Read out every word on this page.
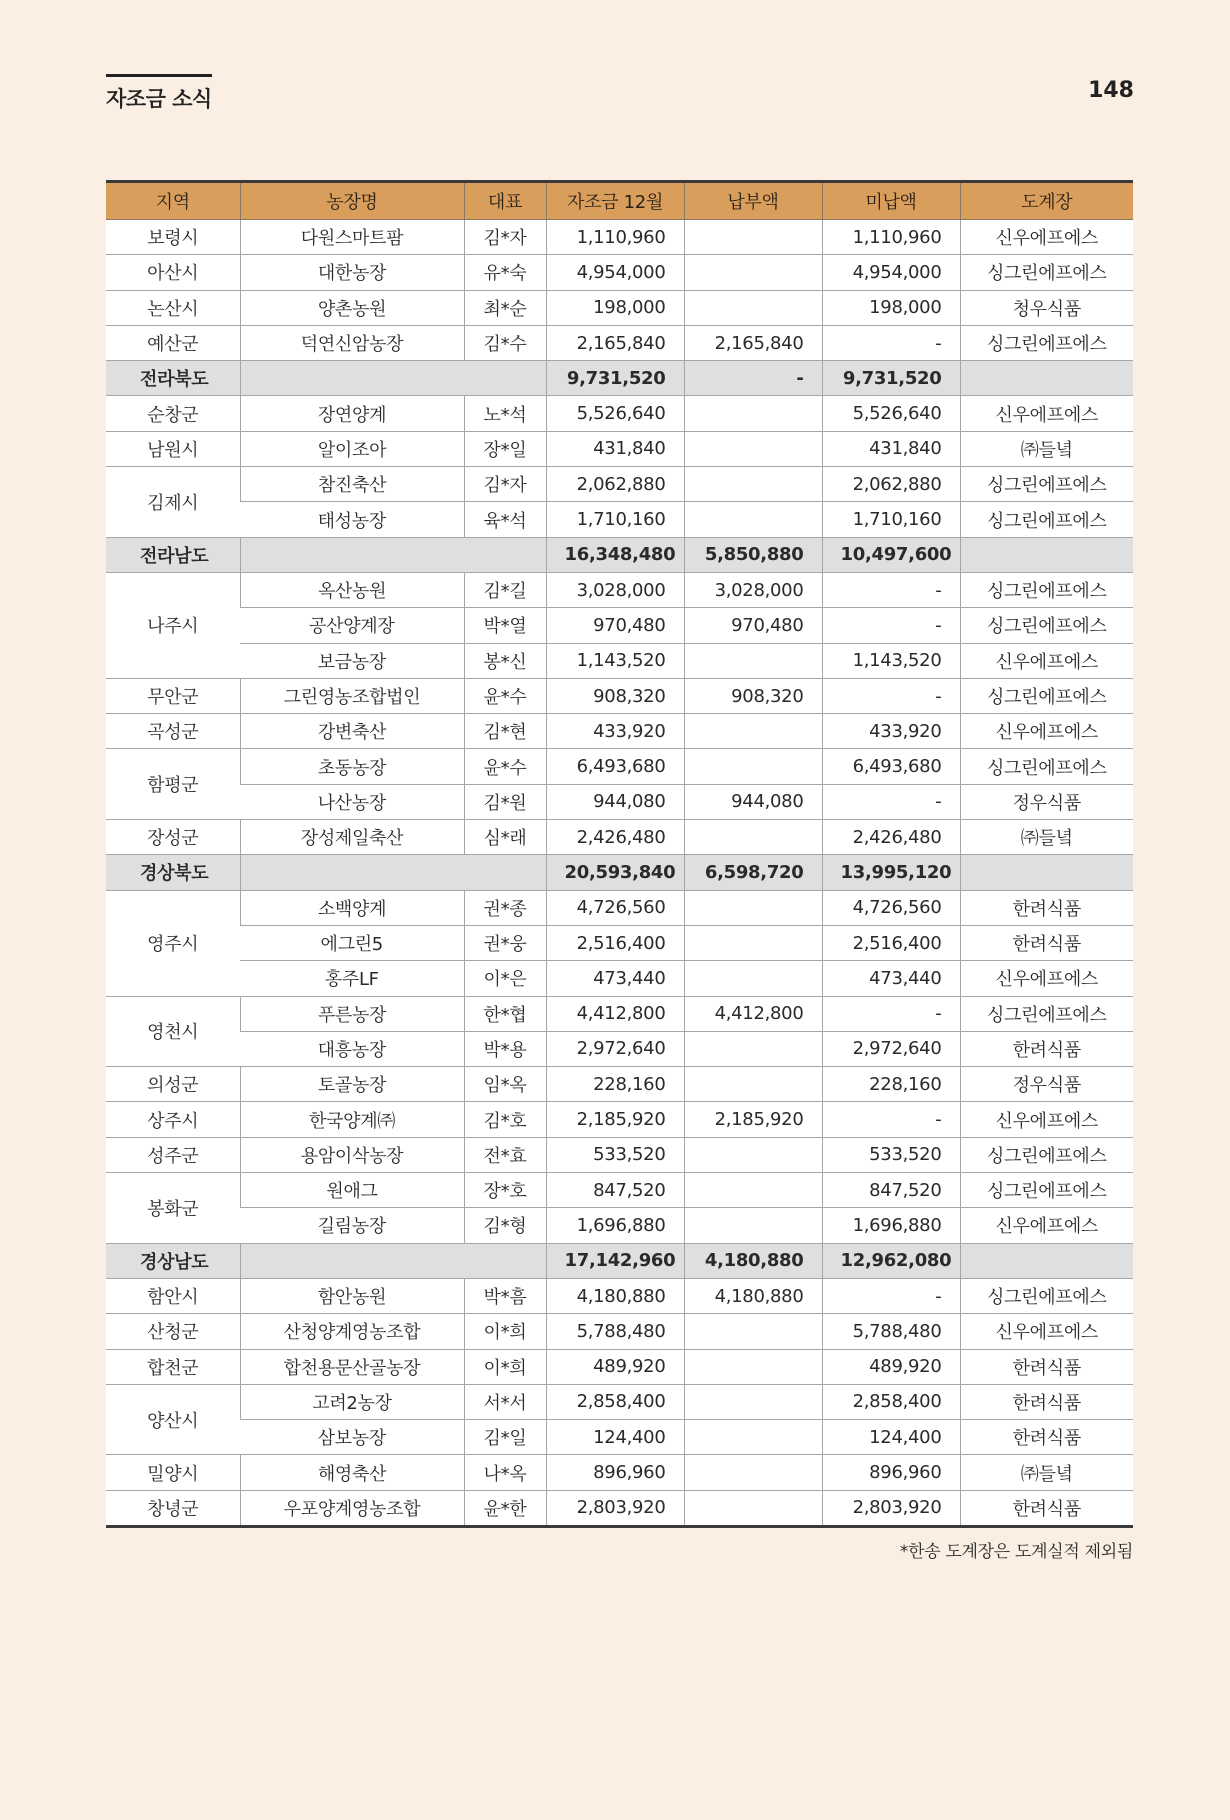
자조금 소식	148
지역	농장명	대표	자조금 12월	납부액	미납액	도계장
보령시	다원스마트팜	김*자	1,110,960		1,110,960	신우에프에스
아산시	대한농장	유*숙	4,954,000		4,954,000	싱그린에프에스
논산시	양촌농원	최*순	198,000		198,000	청우식품
예산군	덕연신암농장	김*수	2,165,840	2,165,840	-	싱그린에프에스
전라북도			9,731,520	-	9,731,520	
순창군	장연양계	노*석	5,526,640		5,526,640	신우에프에스
남원시	알이조아	장*일	431,840		431,840	㈜들녘
김제시	참진축산	김*자	2,062,880		2,062,880	싱그린에프에스
	태성농장	육*석	1,710,160		1,710,160	싱그린에프에스
전라남도			16,348,480	5,850,880	10,497,600	
나주시	옥산농원	김*길	3,028,000	3,028,000	-	싱그린에프에스
	공산양계장	박*열	970,480	970,480	-	싱그린에프에스
	보금농장	봉*신	1,143,520		1,143,520	신우에프에스
무안군	그린영농조합법인	윤*수	908,320	908,320	-	싱그린에프에스
곡성군	강변축산	김*현	433,920		433,920	신우에프에스
함평군	초동농장	윤*수	6,493,680		6,493,680	싱그린에프에스
	나산농장	김*원	944,080	944,080	-	정우식품
장성군	장성제일축산	심*래	2,426,480		2,426,480	㈜들녘
경상북도			20,593,840	6,598,720	13,995,120	
영주시	소백양계	권*종	4,726,560		4,726,560	한려식품
	에그린5	권*웅	2,516,400		2,516,400	한려식품
	홍주LF	이*은	473,440		473,440	신우에프에스
영천시	푸른농장	한*협	4,412,800	4,412,800	-	싱그린에프에스
	대흥농장	박*용	2,972,640		2,972,640	한려식품
의성군	토골농장	임*옥	228,160		228,160	정우식품
상주시	한국양계㈜	김*호	2,185,920	2,185,920	-	신우에프에스
성주군	용암이삭농장	전*효	533,520		533,520	싱그린에프에스
봉화군	원애그	장*호	847,520		847,520	싱그린에프에스
	길림농장	김*형	1,696,880		1,696,880	신우에프에스
경상남도			17,142,960	4,180,880	12,962,080	
함안시	함안농원	박*흠	4,180,880	4,180,880	-	싱그린에프에스
산청군	산청양계영농조합	이*희	5,788,480		5,788,480	신우에프에스
합천군	합천용문산골농장	이*희	489,920		489,920	한려식품
양산시	고려2농장	서*서	2,858,400		2,858,400	한려식품
	삼보농장	김*일	124,400		124,400	한려식품
밀양시	해영축산	나*옥	896,960		896,960	㈜들녘
창녕군	우포양계영농조합	윤*한	2,803,920		2,803,920	한려식품
*한송 도계장은 도계실적 제외됨
